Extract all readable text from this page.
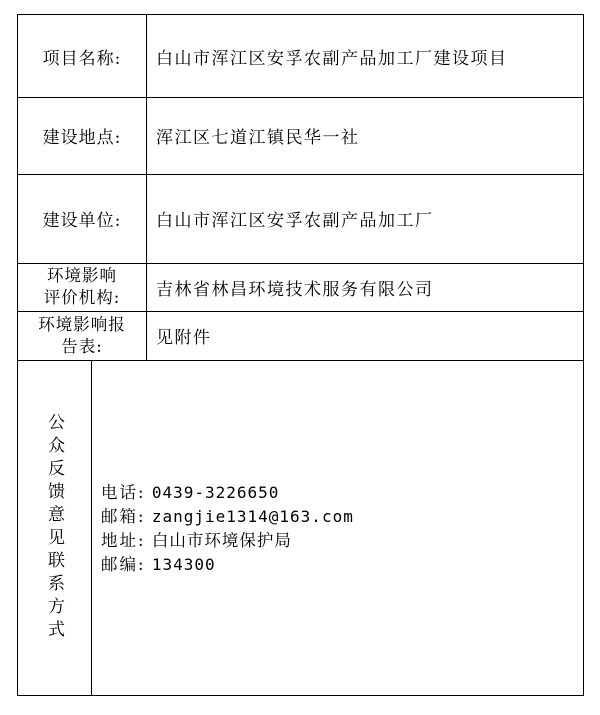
项目名称:	白山市浑江区安孚农副产品加工厂建设项目
建设地点:	浑江区七道江镇民华一社
建设单位:	白山市浑江区安孚农副产品加工厂
环境影响
评价机构:	吉林省林昌环境技术服务有限公司
环境影响报
告表:	见附件
公众反馈意见联系方式 电话: 0439-3226650
邮箱: zangjie1314@163.com
地址: 白山市环境保护局
邮编: 134300
